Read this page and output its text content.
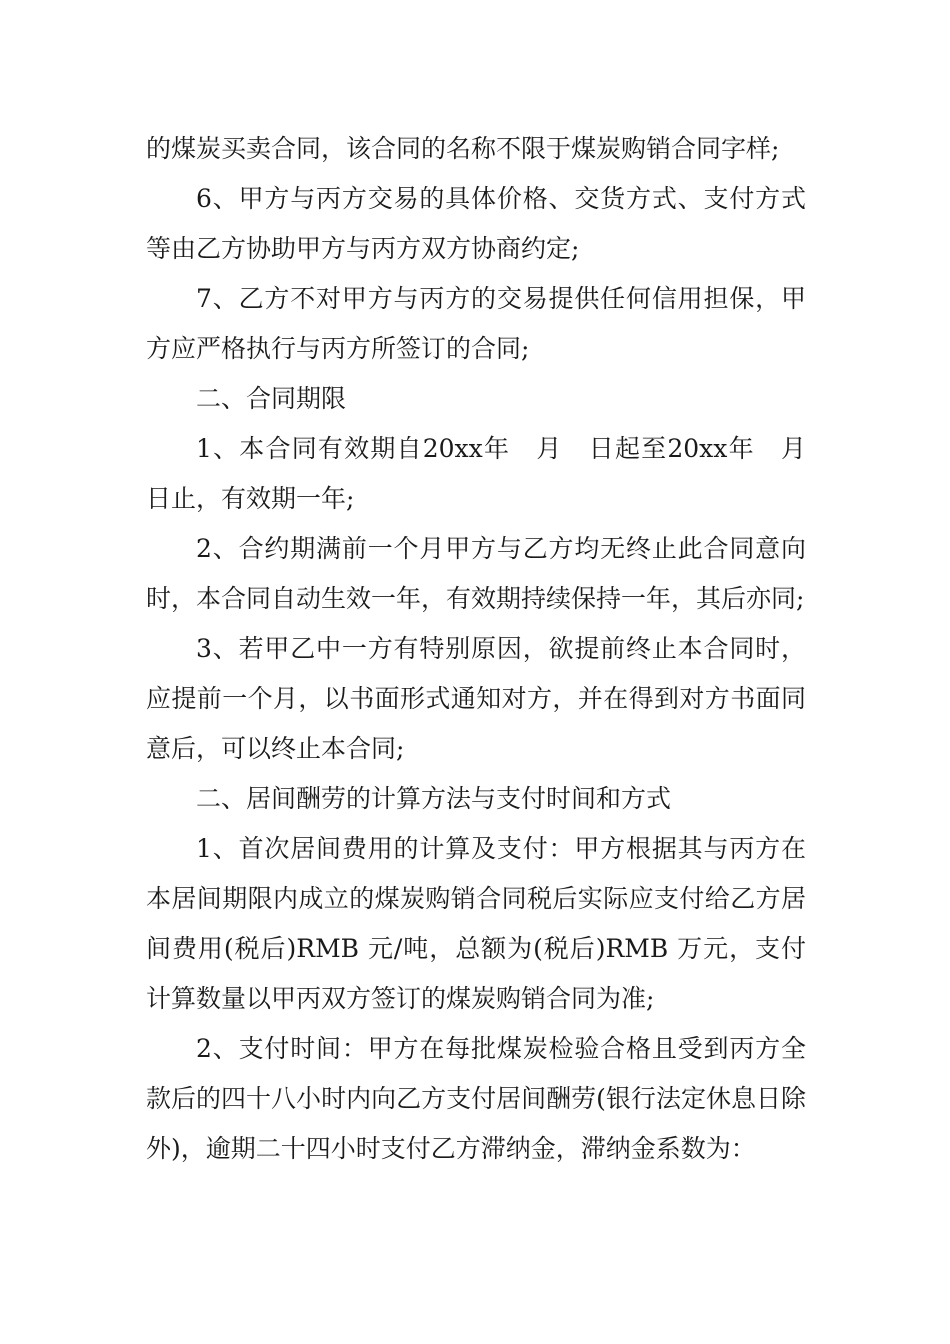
的煤炭买卖合同，该合同的名称不限于煤炭购销合同字样;

6、甲方与丙方交易的具体价格、交货方式、支付方式等由乙方协助甲方与丙方双方协商约定;

7、乙方不对甲方与丙方的交易提供任何信用担保，甲方应严格执行与丙方所签订的合同;

二、合同期限

1、本合同有效期自20xx年　月　日起至20xx年　月　日止，有效期一年;

2、合约期满前一个月甲方与乙方均无终止此合同意向时，本合同自动生效一年，有效期持续保持一年，其后亦同;

3、若甲乙中一方有特别原因，欲提前终止本合同时，应提前一个月，以书面形式通知对方，并在得到对方书面同意后，可以终止本合同;

二、居间酬劳的计算方法与支付时间和方式

1、首次居间费用的计算及支付：甲方根据其与丙方在本居间期限内成立的煤炭购销合同税后实际应支付给乙方居间费用(税后)RMB 元/吨，总额为(税后)RMB 万元，支付计算数量以甲丙双方签订的煤炭购销合同为准;

2、支付时间：甲方在每批煤炭检验合格且受到丙方全款后的四十八小时内向乙方支付居间酬劳(银行法定休息日除外)，逾期二十四小时支付乙方滞纳金，滞纳金系数为：
